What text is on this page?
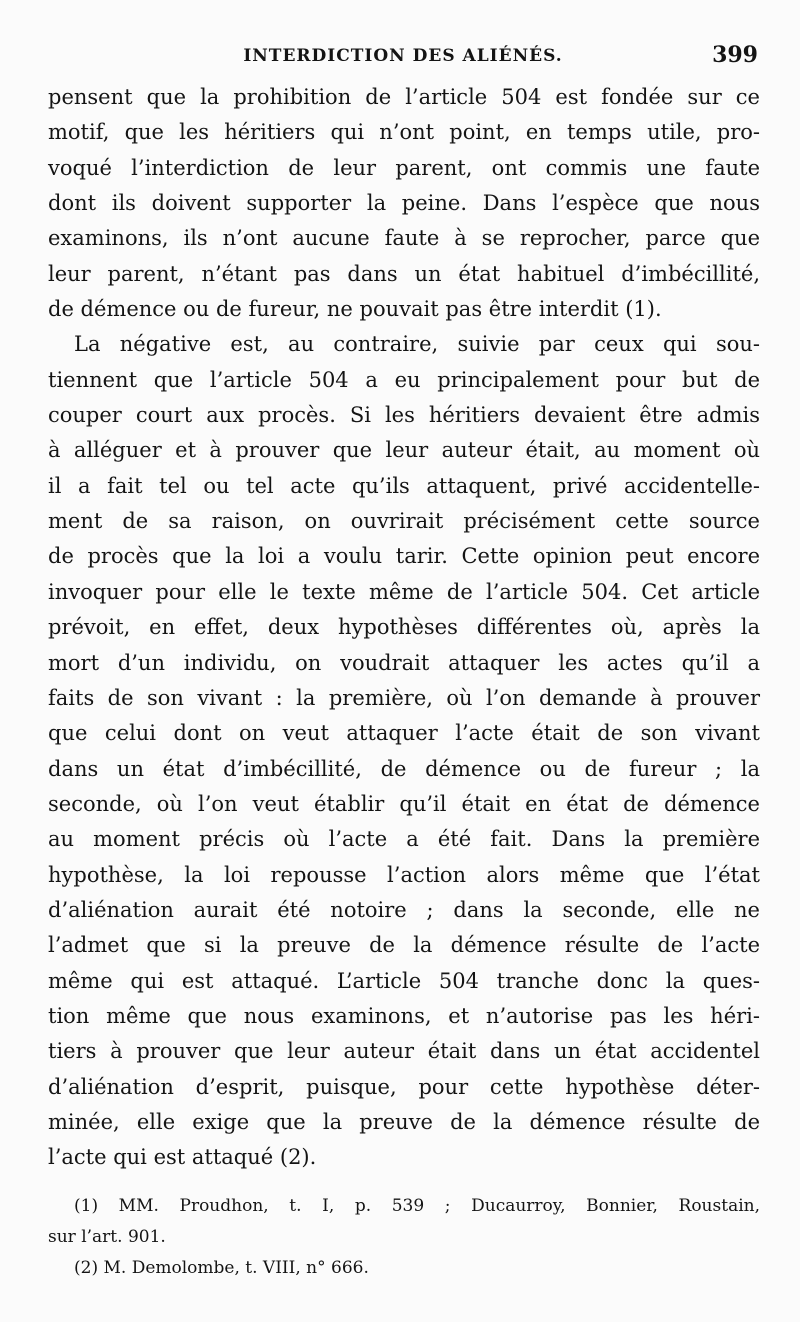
INTERDICTION DES ALIÉNÉS.	399
pensent que la prohibition de l’article 504 est fondée sur ce
motif, que les héritiers qui n’ont point, en temps utile, pro-
voqué l’interdiction de leur parent, ont commis une faute
dont ils doivent supporter la peine. Dans l’espèce que nous
examinons, ils n’ont aucune faute à se reprocher, parce que
leur parent, n’étant pas dans un état habituel d’imbécillité,
de démence ou de fureur, ne pouvait pas être interdit (1).
La négative est, au contraire, suivie par ceux qui sou-
tiennent que l’article 504 a eu principalement pour but de
couper court aux procès. Si les héritiers devaient être admis
à alléguer et à prouver que leur auteur était, au moment où
il a fait tel ou tel acte qu’ils attaquent, privé accidentelle-
ment de sa raison, on ouvrirait précisément cette source
de procès que la loi a voulu tarir. Cette opinion peut encore
invoquer pour elle le texte même de l’article 504. Cet article
prévoit, en effet, deux hypothèses différentes où, après la
mort d’un individu, on voudrait attaquer les actes qu’il a
faits de son vivant : la première, où l’on demande à prouver
que celui dont on veut attaquer l’acte était de son vivant
dans un état d’imbécillité, de démence ou de fureur ; la
seconde, où l’on veut établir qu’il était en état de démence
au moment précis où l’acte a été fait. Dans la première
hypothèse, la loi repousse l’action alors même que l’état
d’aliénation aurait été notoire ; dans la seconde, elle ne
l’admet que si la preuve de la démence résulte de l’acte
même qui est attaqué. L’article 504 tranche donc la ques-
tion même que nous examinons, et n’autorise pas les héri-
tiers à prouver que leur auteur était dans un état accidentel
d’aliénation d’esprit, puisque, pour cette hypothèse déter-
minée, elle exige que la preuve de la démence résulte de
l’acte qui est attaqué (2).
(1) MM. Proudhon, t. I, p. 539 ; Ducaurroy, Bonnier, Roustain,
sur l’art. 901.
(2) M. Demolombe, t. VIII, n° 666.
